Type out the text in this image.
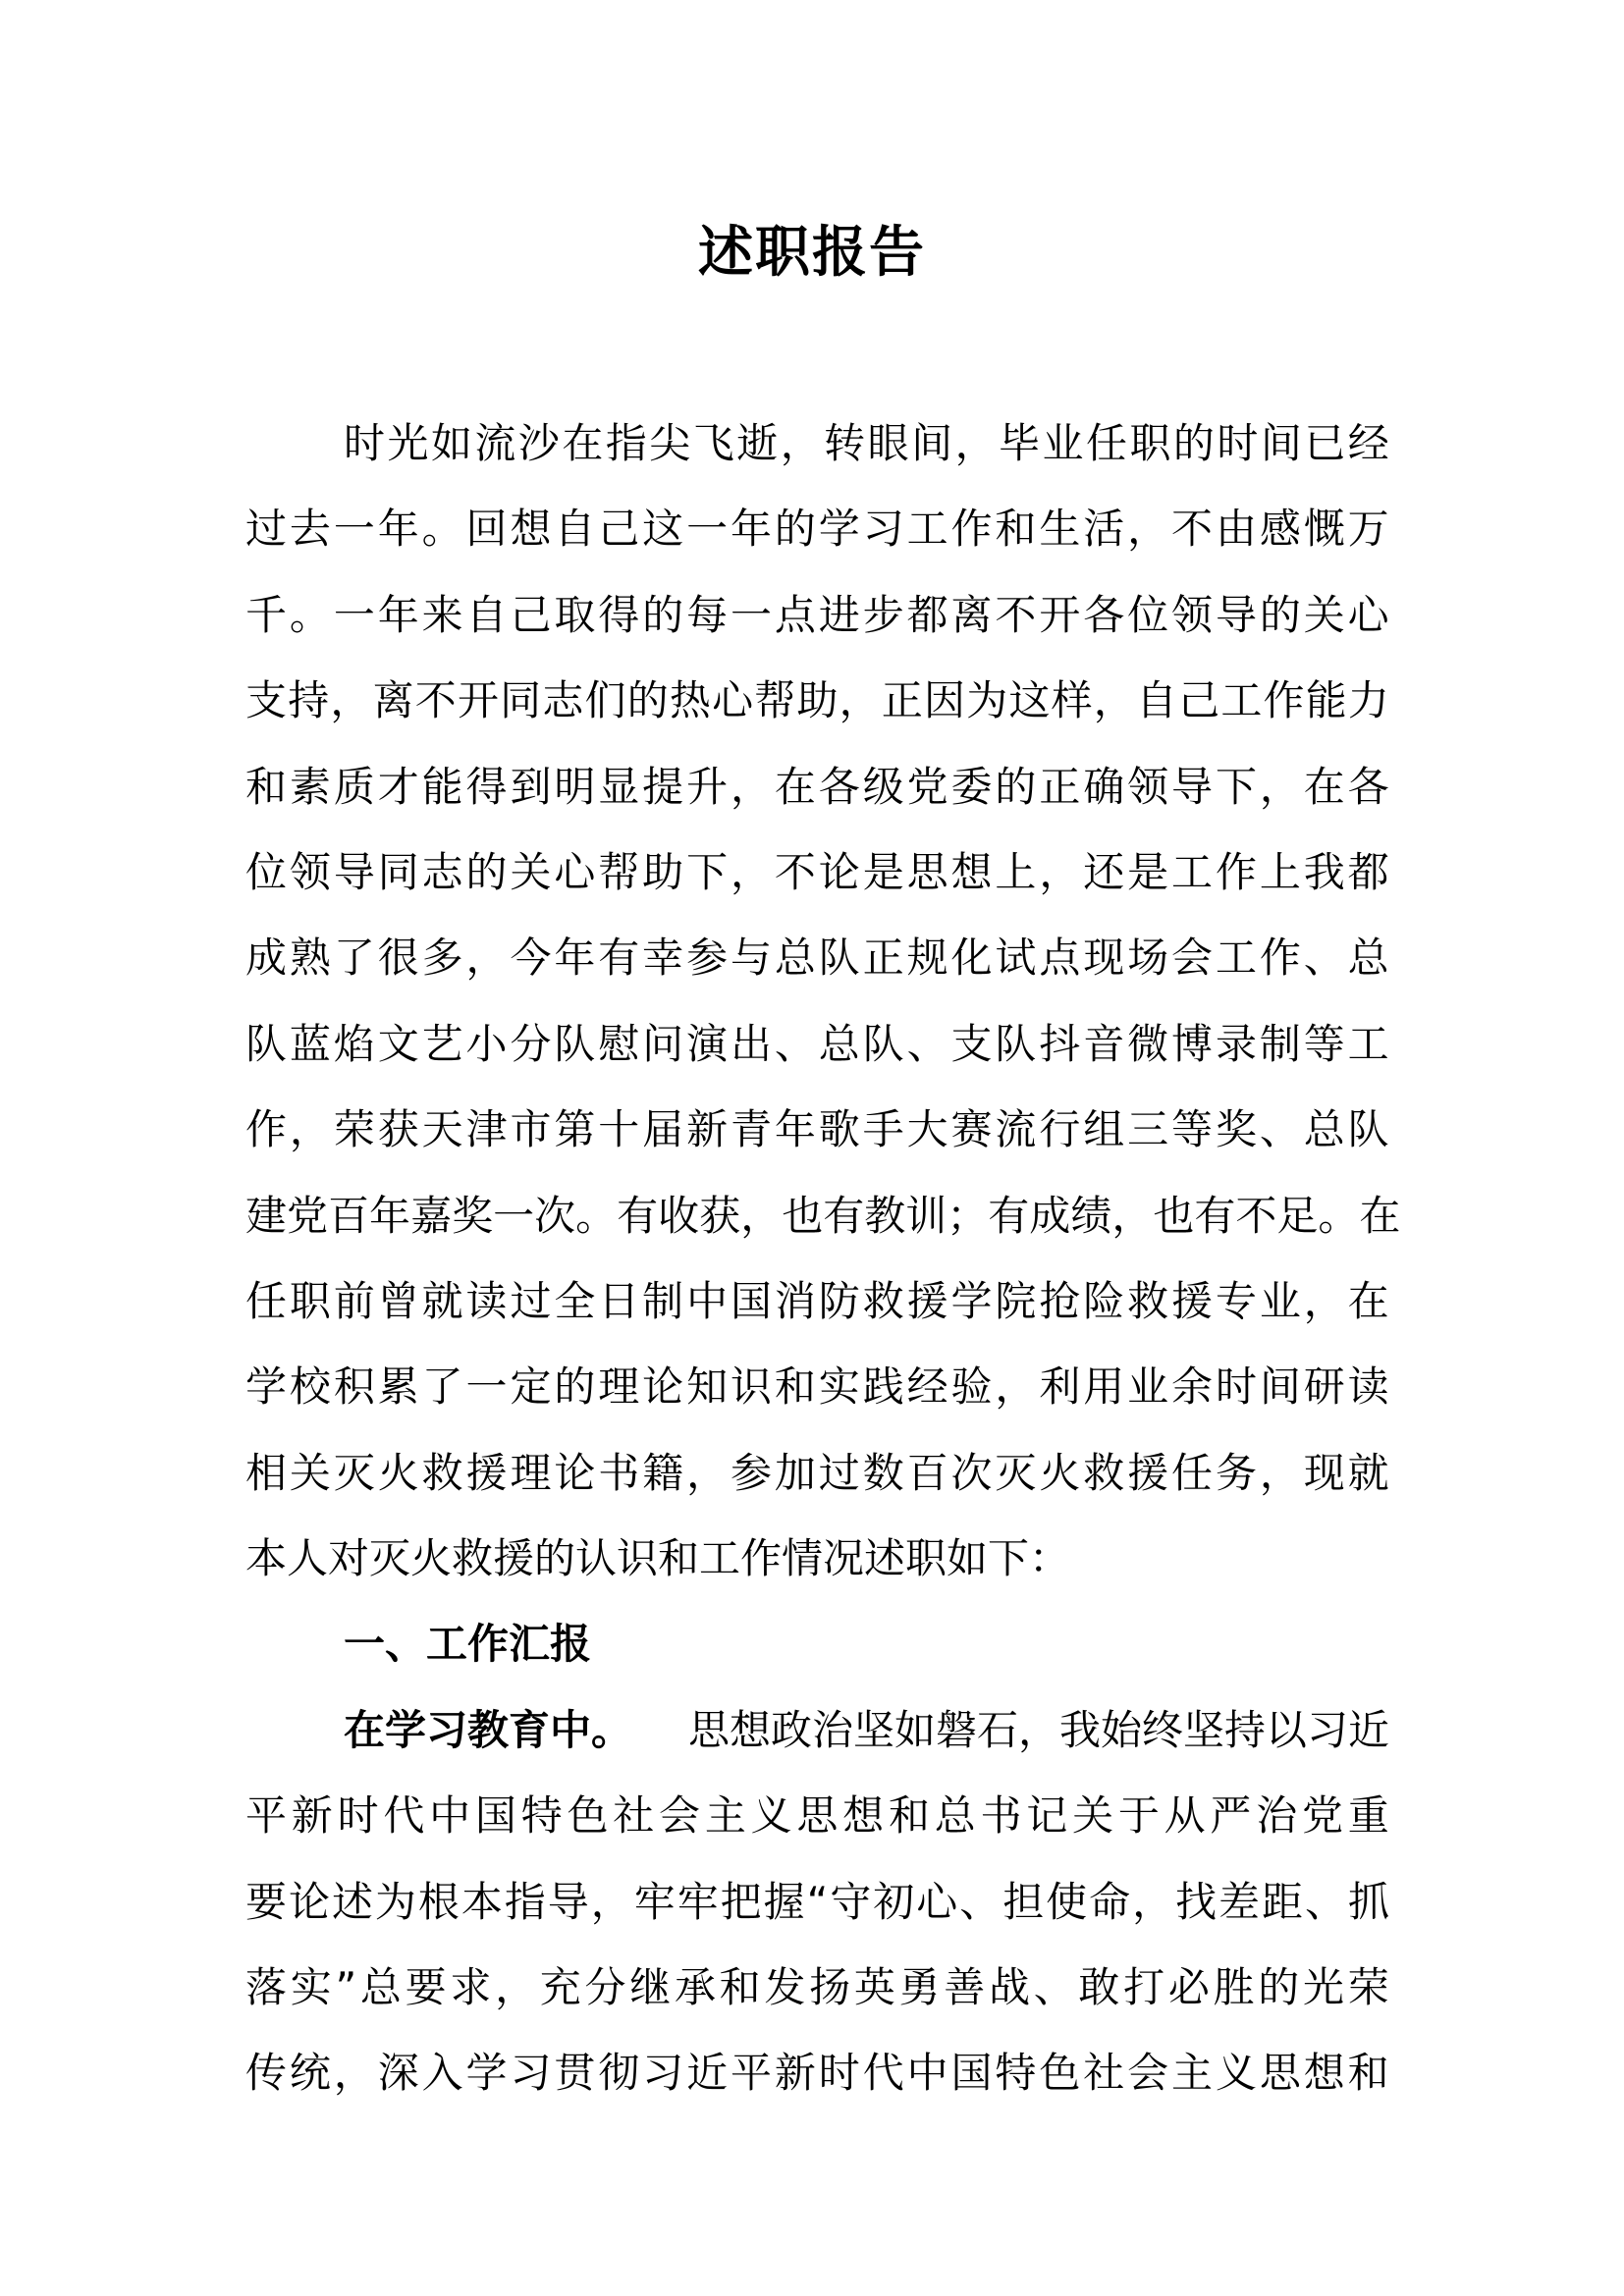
述职报告
时 光 如 流 沙 在 指 尖 飞 逝 ， 转 眼 间 ， 毕 业 任 职 的 时 间 已 经
过 去 一 年 。 回 想 自 己 这 一 年 的 学 习 工 作 和 生 活 ， 不 由 感 慨 万
千 。 一 年 来 自 己 取 得 的 每 一 点 进 步 都 离 不 开 各 位 领 导 的 关 心
支 持 ， 离 不 开 同 志 们 的 热 心 帮 助 ， 正 因 为 这 样 ， 自 己 工 作 能 力
和 素 质 才 能 得 到 明 显 提 升 ， 在 各 级 党 委 的 正 确 领 导 下 ， 在 各
位 领 导 同 志 的 关 心 帮 助 下 ， 不 论 是 思 想 上 ， 还 是 工 作 上 我 都
成 熟 了 很 多 ， 今 年 有 幸 参 与 总 队 正 规 化 试 点 现 场 会 工 作 、 总
队 蓝 焰 文 艺 小 分 队 慰 问 演 出 、 总 队 、 支 队 抖 音 微 博 录 制 等 工
作 ， 荣 获 天 津 市 第 十 届 新 青 年 歌 手 大 赛 流 行 组 三 等 奖 、 总 队
建 党 百 年 嘉 奖 一 次 。 有 收 获 ， 也 有 教 训 ； 有 成 绩 ， 也 有 不 足 。 在
任 职 前 曾 就 读 过 全 日 制 中 国 消 防 救 援 学 院 抢 险 救 援 专 业 ， 在
学 校 积 累 了 一 定 的 理 论 知 识 和 实 践 经 验 ， 利 用 业 余 时 间 研 读
相 关 灭 火 救 援 理 论 书 籍 ， 参 加 过 数 百 次 灭 火 救 援 任 务 ， 现 就
本人对灭火救援的认识和工作情况述职如下：
一、工作汇报
在学习教育中。 思想政治坚如磐石，我始终坚持以习近
平 新 时 代 中 国 特 色 社 会 主 义 思 想 和 总 书 记 关 于 从 严 治 党 重
要 论 述 为 根 本 指 导 ， 牢 牢 把 握 “ 守 初 心 、 担 使 命 ， 找 差 距 、 抓
落 实 ” 总 要 求 ， 充 分 继 承 和 发 扬 英 勇 善 战 、 敢 打 必 胜 的 光 荣
传 统 ， 深 入 学 习 贯 彻 习 近 平 新 时 代 中 国 特 色 社 会 主 义 思 想 和
